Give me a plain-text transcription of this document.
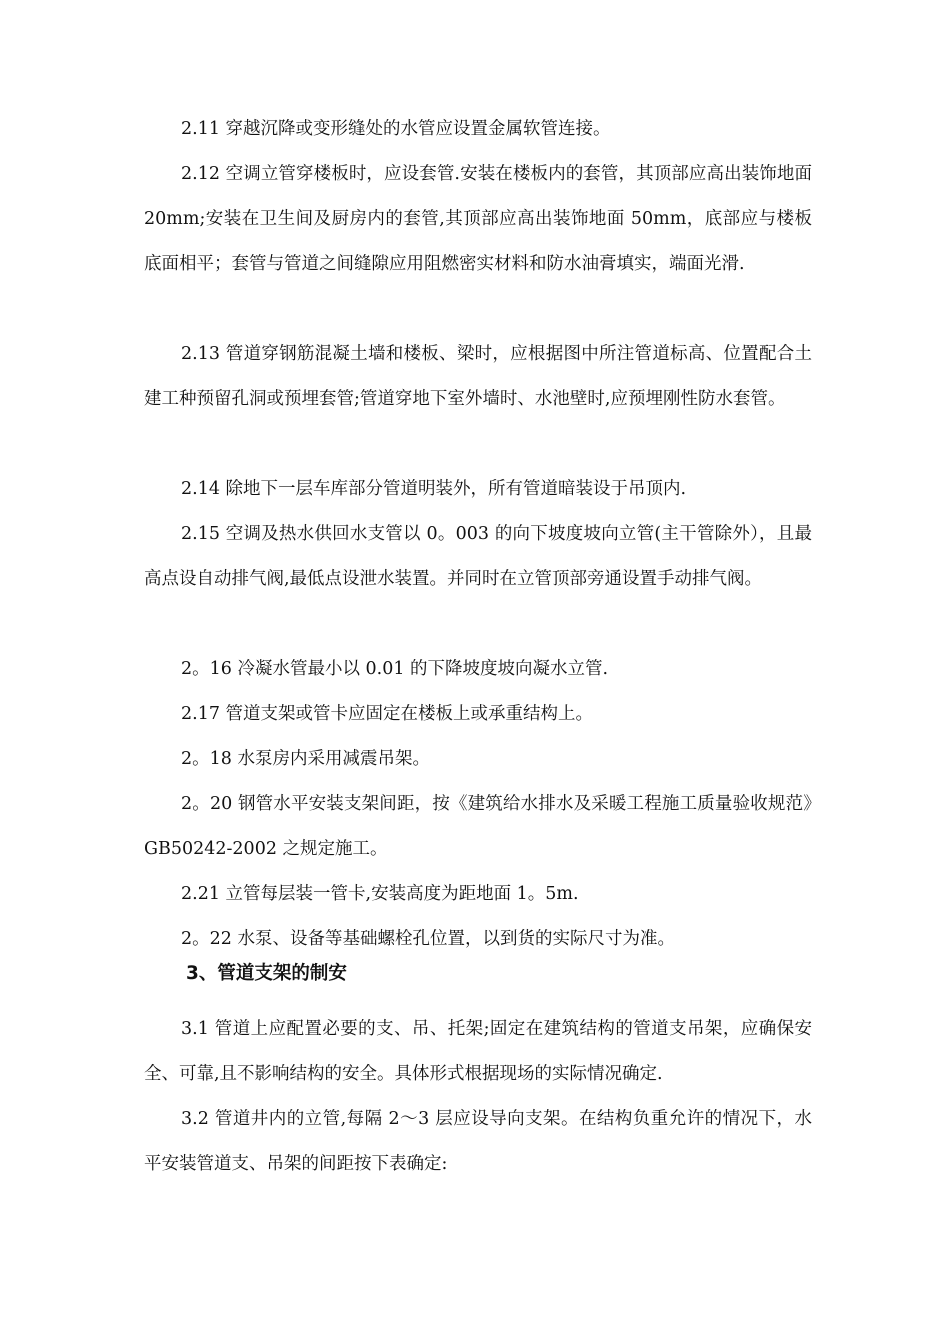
2.11 穿越沉降或变形缝处的水管应设置金属软管连接。

2.12 空调立管穿楼板时，应设套管.安装在楼板内的套管，其顶部应高出装饰地面 20mm;安装在卫生间及厨房内的套管,其顶部应高出装饰地面 50mm，底部应与楼板底面相平；套管与管道之间缝隙应用阻燃密实材料和防水油膏填实，端面光滑.

2.13 管道穿钢筋混凝土墙和楼板、梁时，应根据图中所注管道标高、位置配合土建工种预留孔洞或预埋套管;管道穿地下室外墙时、水池壁时,应预埋刚性防水套管。

2.14 除地下一层车库部分管道明装外，所有管道暗装设于吊顶内.

2.15 空调及热水供回水支管以 0。003 的向下坡度坡向立管(主干管除外），且最高点设自动排气阀,最低点设泄水装置。并同时在立管顶部旁通设置手动排气阀。

2。16 冷凝水管最小以 0.01 的下降坡度坡向凝水立管.

2.17 管道支架或管卡应固定在楼板上或承重结构上。

2。18 水泵房内采用减震吊架。

2。20 钢管水平安装支架间距，按《建筑给水排水及采暖工程施工质量验收规范》GB50242-2002 之规定施工。

2.21 立管每层装一管卡,安装高度为距地面 1。5m.

2。22 水泵、设备等基础螺栓孔位置，以到货的实际尺寸为准。

3、管道支架的制安

3.1 管道上应配置必要的支、吊、托架;固定在建筑结构的管道支吊架，应确保安全、可靠,且不影响结构的安全。具体形式根据现场的实际情况确定.

3.2 管道井内的立管,每隔 2～3 层应设导向支架。在结构负重允许的情况下，水平安装管道支、吊架的间距按下表确定:
